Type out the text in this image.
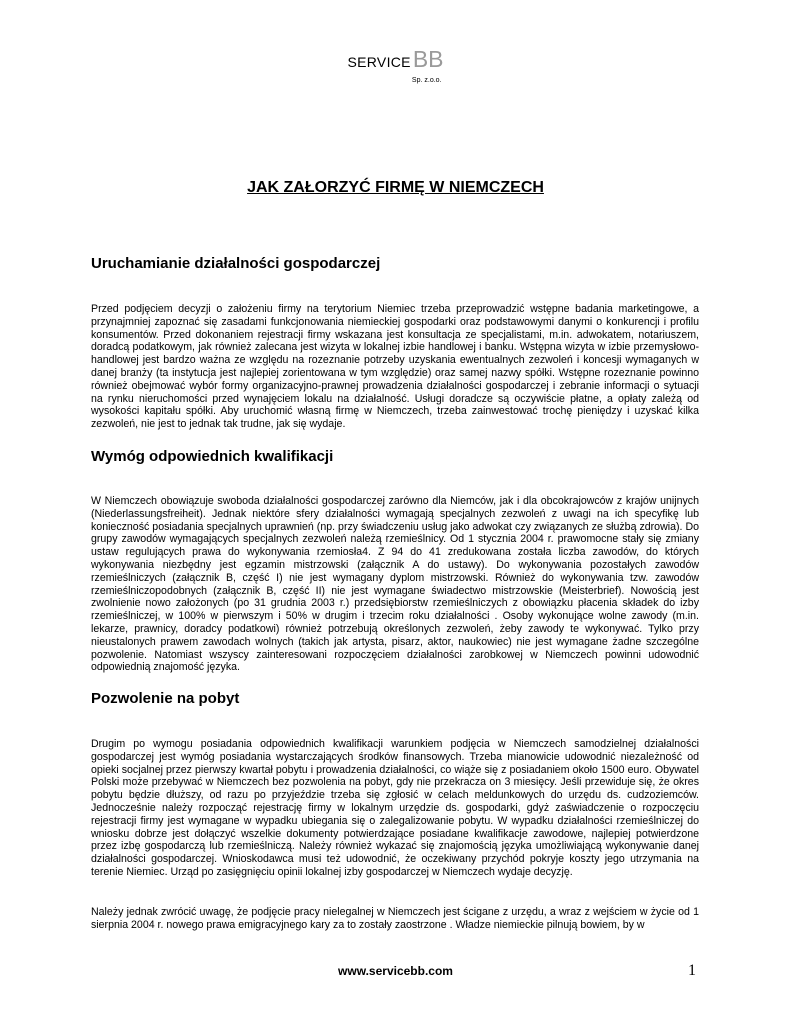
SERVICEBB
Sp. z.o.o.
JAK ZAŁORZYĆ FIRMĘ W NIEMCZECH
Uruchamianie działalności gospodarczej
Przed podjęciem decyzji o założeniu firmy na terytorium Niemiec trzeba przeprowadzić wstępne badania marketingowe, a przynajmniej zapoznać się zasadami funkcjonowania niemieckiej gospodarki oraz podstawowymi danymi o konkurencji i profilu konsumentów. Przed dokonaniem rejestracji firmy wskazana jest konsultacja ze specjalistami, m.in. adwokatem, notariuszem, doradcą podatkowym, jak również zalecana jest wizyta w lokalnej izbie handlowej i banku. Wstępna wizyta w izbie przemysłowo-handlowej jest bardzo ważna ze względu na rozeznanie potrzeby uzyskania ewentualnych zezwoleń i koncesji wymaganych w danej branży (ta instytucja jest najlepiej zorientowana w tym względzie) oraz samej nazwy spółki. Wstępne rozeznanie powinno również obejmować wybór formy organizacyjno-prawnej prowadzenia działalności gospodarczej i zebranie informacji o sytuacji na rynku nieruchomości przed wynajęciem lokalu na działalność. Usługi doradcze są oczywiście płatne, a opłaty zależą od wysokości kapitału spółki. Aby uruchomić własną firmę w Niemczech, trzeba zainwestować trochę pieniędzy i uzyskać kilka zezwoleń, nie jest to jednak tak trudne, jak się wydaje.
Wymóg odpowiednich kwalifikacji
W Niemczech obowiązuje swoboda działalności gospodarczej zarówno dla Niemców, jak i dla obcokrajowców z krajów unijnych (Niederlassungsfreiheit). Jednak niektóre sfery działalności wymagają specjalnych zezwoleń z uwagi na ich specyfikę lub konieczność posiadania specjalnych uprawnień (np. przy świadczeniu usług jako adwokat czy związanych ze służbą zdrowia). Do grupy zawodów wymagających specjalnych zezwoleń należą rzemieślnicy. Od 1 stycznia 2004 r. prawomocne stały się zmiany ustaw regulujących prawa do wykonywania rzemiosła4. Z 94 do 41 zredukowana została liczba zawodów, do których wykonywania niezbędny jest egzamin mistrzowski (załącznik A do ustawy). Do wykonywania pozostałych zawodów rzemieślniczych (załącznik B, część I) nie jest wymagany dyplom mistrzowski. Również do wykonywania tzw. zawodów rzemieślniczopodobnych (załącznik B, część II) nie jest wymagane świadectwo mistrzowskie (Meisterbrief). Nowością jest zwolnienie nowo założonych (po 31 grudnia 2003 r.) przedsiębiorstw rzemieślniczych z obowiązku płacenia składek do izby rzemieślniczej, w 100% w pierwszym i 50% w drugim i trzecim roku działalności . Osoby wykonujące wolne zawody (m.in. lekarze, prawnicy, doradcy podatkowi) również potrzebują określonych zezwoleń, żeby zawody te wykonywać. Tylko przy nieustalonych prawem zawodach wolnych (takich jak artysta, pisarz, aktor, naukowiec) nie jest wymagane żadne szczególne pozwolenie. Natomiast wszyscy zainteresowani rozpoczęciem działalności zarobkowej w Niemczech powinni udowodnić odpowiednią znajomość języka.
Pozwolenie na pobyt
Drugim po wymogu posiadania odpowiednich kwalifikacji warunkiem podjęcia w Niemczech samodzielnej działalności gospodarczej jest wymóg posiadania wystarczających środków finansowych. Trzeba mianowicie udowodnić niezależność od opieki socjalnej przez pierwszy kwartał pobytu i prowadzenia działalności, co wiąże się z posiadaniem około 1500 euro. Obywatel Polski może przebywać w Niemczech bez pozwolenia na pobyt, gdy nie przekracza on 3 miesięcy. Jeśli przewiduje się, że okres pobytu będzie dłuższy, od razu po przyjeździe trzeba się zgłosić w celach meldunkowych do urzędu ds. cudzoziemców. Jednocześnie należy rozpocząć rejestrację firmy w lokalnym urzędzie ds. gospodarki, gdyż zaświadczenie o rozpoczęciu rejestracji firmy jest wymagane w wypadku ubiegania się o zalegalizowanie pobytu. W wypadku działalności rzemieślniczej do wniosku dobrze jest dołączyć wszelkie dokumenty potwierdzające posiadane kwalifikacje zawodowe, najlepiej potwierdzone przez izbę gospodarczą lub rzemieślniczą. Należy również wykazać się znajomością języka umożliwiającą wykonywanie danej działalności gospodarczej. Wnioskodawca musi też udowodnić, że oczekiwany przychód pokryje koszty jego utrzymania na terenie Niemiec. Urząd po zasięgnięciu opinii lokalnej izby gospodarczej w Niemczech wydaje decyzję.
Należy jednak zwrócić uwagę, że podjęcie pracy nielegalnej w Niemczech jest ścigane z urzędu, a wraz z wejściem w życie od 1 sierpnia 2004 r. nowego prawa emigracyjnego kary za to zostały zaostrzone . Władze niemieckie pilnują bowiem, by w
www.servicebb.com	1
